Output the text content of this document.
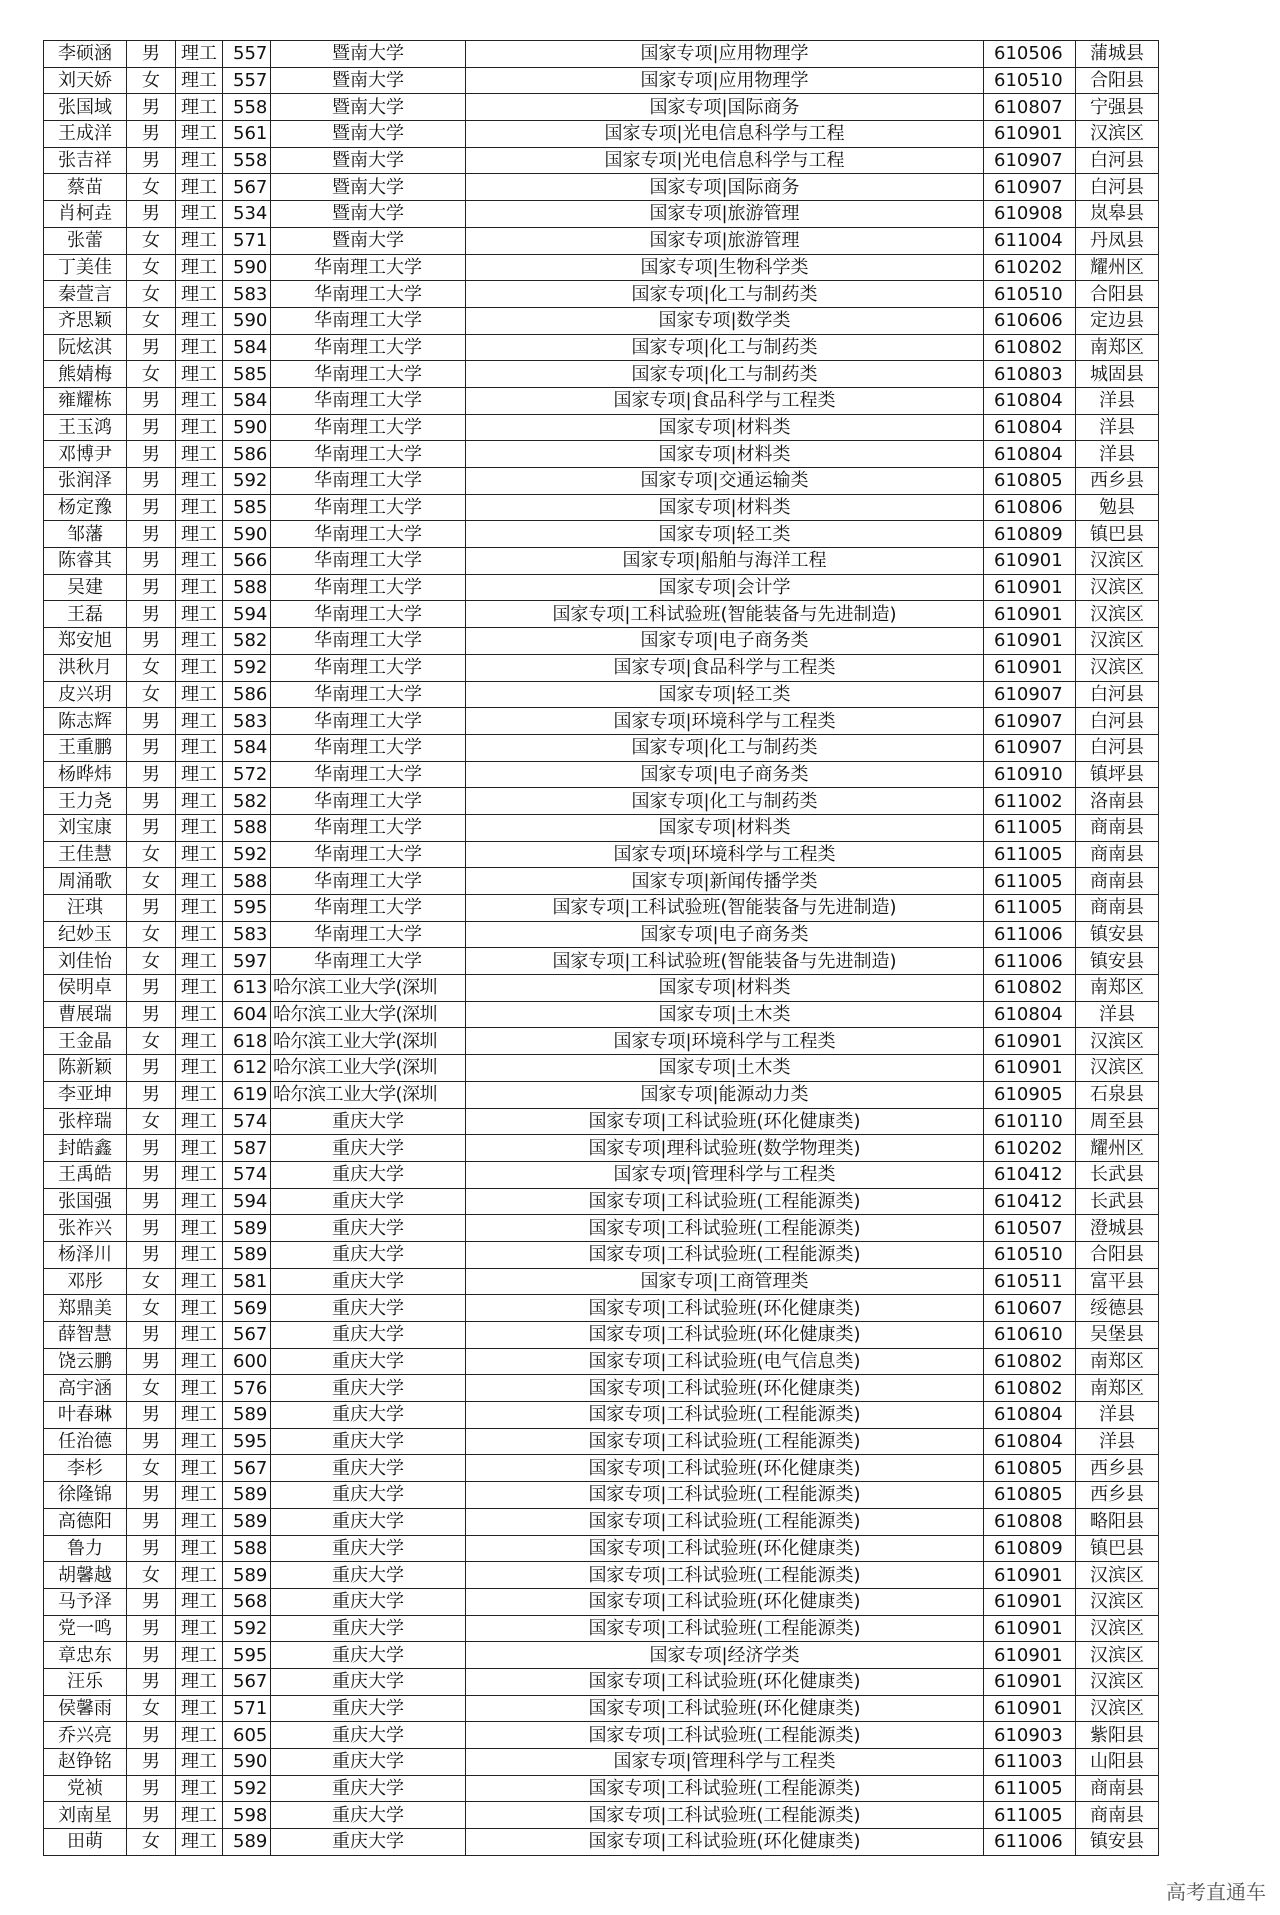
李硕涵	男	理工	557	暨南大学	国家专项|应用物理学	610506	蒲城县
刘天娇	女	理工	557	暨南大学	国家专项|应用物理学	610510	合阳县
张国域	男	理工	558	暨南大学	国家专项|国际商务	610807	宁强县
王成洋	男	理工	561	暨南大学	国家专项|光电信息科学与工程	610901	汉滨区
张吉祥	男	理工	558	暨南大学	国家专项|光电信息科学与工程	610907	白河县
蔡苗	女	理工	567	暨南大学	国家专项|国际商务	610907	白河县
肖柯垚	男	理工	534	暨南大学	国家专项|旅游管理	610908	岚皋县
张蕾	女	理工	571	暨南大学	国家专项|旅游管理	611004	丹凤县
丁美佳	女	理工	590	华南理工大学	国家专项|生物科学类	610202	耀州区
秦萱言	女	理工	583	华南理工大学	国家专项|化工与制药类	610510	合阳县
齐思颖	女	理工	590	华南理工大学	国家专项|数学类	610606	定边县
阮炫淇	男	理工	584	华南理工大学	国家专项|化工与制药类	610802	南郑区
熊婧梅	女	理工	585	华南理工大学	国家专项|化工与制药类	610803	城固县
雍耀栋	男	理工	584	华南理工大学	国家专项|食品科学与工程类	610804	洋县
王玉鸿	男	理工	590	华南理工大学	国家专项|材料类	610804	洋县
邓博尹	男	理工	586	华南理工大学	国家专项|材料类	610804	洋县
张润泽	男	理工	592	华南理工大学	国家专项|交通运输类	610805	西乡县
杨定豫	男	理工	585	华南理工大学	国家专项|材料类	610806	勉县
邹藩	男	理工	590	华南理工大学	国家专项|轻工类	610809	镇巴县
陈睿其	男	理工	566	华南理工大学	国家专项|船舶与海洋工程	610901	汉滨区
吴建	男	理工	588	华南理工大学	国家专项|会计学	610901	汉滨区
王磊	男	理工	594	华南理工大学	国家专项|工科试验班(智能装备与先进制造)	610901	汉滨区
郑安旭	男	理工	582	华南理工大学	国家专项|电子商务类	610901	汉滨区
洪秋月	女	理工	592	华南理工大学	国家专项|食品科学与工程类	610901	汉滨区
皮兴玥	女	理工	586	华南理工大学	国家专项|轻工类	610907	白河县
陈志辉	男	理工	583	华南理工大学	国家专项|环境科学与工程类	610907	白河县
王重鹏	男	理工	584	华南理工大学	国家专项|化工与制药类	610907	白河县
杨晔炜	男	理工	572	华南理工大学	国家专项|电子商务类	610910	镇坪县
王力尧	男	理工	582	华南理工大学	国家专项|化工与制药类	611002	洛南县
刘宝康	男	理工	588	华南理工大学	国家专项|材料类	611005	商南县
王佳慧	女	理工	592	华南理工大学	国家专项|环境科学与工程类	611005	商南县
周涌歌	女	理工	588	华南理工大学	国家专项|新闻传播学类	611005	商南县
汪琪	男	理工	595	华南理工大学	国家专项|工科试验班(智能装备与先进制造)	611005	商南县
纪妙玉	女	理工	583	华南理工大学	国家专项|电子商务类	611006	镇安县
刘佳怡	女	理工	597	华南理工大学	国家专项|工科试验班(智能装备与先进制造)	611006	镇安县
侯明卓	男	理工	613	哈尔滨工业大学(深圳	国家专项|材料类	610802	南郑区
曹展瑞	男	理工	604	哈尔滨工业大学(深圳	国家专项|土木类	610804	洋县
王金晶	女	理工	618	哈尔滨工业大学(深圳	国家专项|环境科学与工程类	610901	汉滨区
陈新颖	男	理工	612	哈尔滨工业大学(深圳	国家专项|土木类	610901	汉滨区
李亚坤	男	理工	619	哈尔滨工业大学(深圳	国家专项|能源动力类	610905	石泉县
张梓瑞	女	理工	574	重庆大学	国家专项|工科试验班(环化健康类)	610110	周至县
封皓鑫	男	理工	587	重庆大学	国家专项|理科试验班(数学物理类)	610202	耀州区
王禹皓	男	理工	574	重庆大学	国家专项|管理科学与工程类	610412	长武县
张国强	男	理工	594	重庆大学	国家专项|工科试验班(工程能源类)	610412	长武县
张祚兴	男	理工	589	重庆大学	国家专项|工科试验班(工程能源类)	610507	澄城县
杨泽川	男	理工	589	重庆大学	国家专项|工科试验班(工程能源类)	610510	合阳县
邓彤	女	理工	581	重庆大学	国家专项|工商管理类	610511	富平县
郑鼎美	女	理工	569	重庆大学	国家专项|工科试验班(环化健康类)	610607	绥德县
薛智慧	男	理工	567	重庆大学	国家专项|工科试验班(环化健康类)	610610	吴堡县
饶云鹏	男	理工	600	重庆大学	国家专项|工科试验班(电气信息类)	610802	南郑区
高宇涵	女	理工	576	重庆大学	国家专项|工科试验班(环化健康类)	610802	南郑区
叶春琳	男	理工	589	重庆大学	国家专项|工科试验班(工程能源类)	610804	洋县
任治德	男	理工	595	重庆大学	国家专项|工科试验班(工程能源类)	610804	洋县
李杉	女	理工	567	重庆大学	国家专项|工科试验班(环化健康类)	610805	西乡县
徐隆锦	男	理工	589	重庆大学	国家专项|工科试验班(工程能源类)	610805	西乡县
高德阳	男	理工	589	重庆大学	国家专项|工科试验班(工程能源类)	610808	略阳县
鲁力	男	理工	588	重庆大学	国家专项|工科试验班(环化健康类)	610809	镇巴县
胡馨越	女	理工	589	重庆大学	国家专项|工科试验班(工程能源类)	610901	汉滨区
马予泽	男	理工	568	重庆大学	国家专项|工科试验班(环化健康类)	610901	汉滨区
党一鸣	男	理工	592	重庆大学	国家专项|工科试验班(工程能源类)	610901	汉滨区
章忠东	男	理工	595	重庆大学	国家专项|经济学类	610901	汉滨区
汪乐	男	理工	567	重庆大学	国家专项|工科试验班(环化健康类)	610901	汉滨区
侯馨雨	女	理工	571	重庆大学	国家专项|工科试验班(环化健康类)	610901	汉滨区
乔兴亮	男	理工	605	重庆大学	国家专项|工科试验班(工程能源类)	610903	紫阳县
赵铮铭	男	理工	590	重庆大学	国家专项|管理科学与工程类	611003	山阳县
党祯	男	理工	592	重庆大学	国家专项|工科试验班(工程能源类)	611005	商南县
刘南星	男	理工	598	重庆大学	国家专项|工科试验班(工程能源类)	611005	商南县
田萌	女	理工	589	重庆大学	国家专项|工科试验班(环化健康类)	611006	镇安县
高考直通车
